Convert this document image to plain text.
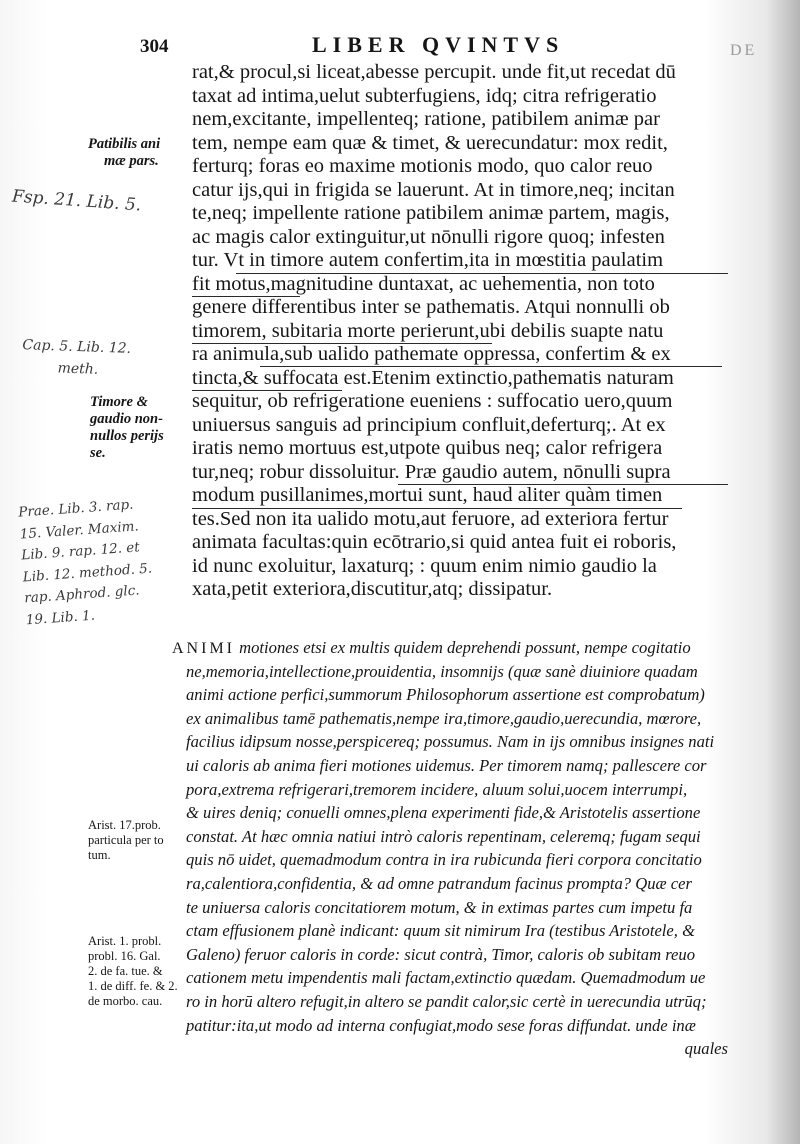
304	LIBER QVINTVS	DE
rat,& procul,si liceat,abesse percupit. unde fit,ut recedat dū
taxat ad intima,uelut subterfugiens, idq; citra refrigeratio
nem,excitante, impellenteq; ratione, patibilem animæ par
tem, nempe eam quæ & timet, & uerecundatur: mox redit,
ferturq; foras eo maxime motionis modo, quo calor reuo
catur ijs,qui in frigida se lauerunt. At in timore,neq; incitan
te,neq; impellente ratione patibilem animæ partem, magis,
ac magis calor extinguitur,ut nōnulli rigore quoq; infesten
tur. Vt in timore autem confertim,ita in mœstitia paulatim
fit motus,magnitudine duntaxat, ac uehementia, non toto
genere differentibus inter se pathematis. Atqui nonnulli ob
timorem, subitaria morte perierunt,ubi debilis suapte natu
ra animula,sub ualido pathemate oppressa, confertim & ex
tincta,& suffocata est.Etenim extinctio,pathematis naturam
sequitur, ob refrigeratione eueniens : suffocatio uero,quum
uniuersus sanguis ad principium confluit,deferturq;. At ex
iratis nemo mortuus est,utpote quibus neq; calor refrigera
tur,neq; robur dissoluitur. Præ gaudio autem, nōnulli supra
modum pusillanimes,mortui sunt, haud aliter quàm timen
tes.Sed non ita ualido motu,aut feruore, ad exteriora fertur
animata facultas:quin ecōtrario,si quid antea fuit ei roboris,
id nunc exoluitur, laxaturq; : quum enim nimio gaudio la
xata,petit exteriora,discutitur,atq; dissipatur.
ANIMI motiones etsi ex multis quidem deprehendi possunt, nempe cogitatio
ne,memoria,intellectione,prouidentia, insomnijs (quæ sanè diuiniore quadam
animi actione perfici,summorum Philosophorum assertione est comprobatum)
ex animalibus tamē pathematis,nempe ira,timore,gaudio,uerecundia, mœrore,
facilius idipsum nosse,perspicereq; possumus. Nam in ijs omnibus insignes nati
ui caloris ab anima fieri motiones uidemus. Per timorem namq; pallescere cor
pora,extrema refrigerari,tremorem incidere, aluum solui,uocem interrumpi,
& uires deniq; conuelli omnes,plena experimenti fide,& Aristotelis assertione
constat. At hæc omnia natiui intrò caloris repentinam, celeremq; fugam sequi
quis nō uidet, quemadmodum contra in ira rubicunda fieri corpora concitatio
ra,calentiora,confidentia, & ad omne patrandum facinus prompta? Quæ cer
te uniuersa caloris concitatiorem motum, & in extimas partes cum impetu fa
ctam effusionem planè indicant: quum sit nimirum Ira (testibus Aristotele, &
Galeno) feruor caloris in corde: sicut contrà, Timor, caloris ob subitam reuo
cationem metu impendentis mali factam,extinctio quædam. Quemadmodum ue
ro in horū altero refugit,in altero se pandit calor,sic certè in uerecundia utrūq;
patitur:ita,ut modo ad interna confugiat,modo sese foras diffundat. unde inæ
quales
Patibilis ani
mæ pars.
Timore &
gaudio non-
nullos perijs
se.
Arist. 17.prob.
particula per to
tum.
Arist. 1. probl.
probl. 16. Gal.
2. de fa. tue. &
1. de diff. fe. & 2.
de morbo. cau.
Fsp. 21. Lib. 5.
Cap. 5. Lib. 12.
meth.
Prae. Lib. 3. rap.
15. Valer. Maxim.
Lib. 9. rap. 12. et
Lib. 12. method. 5.
rap. Aphrod. glc.
19. Lib. 1.
